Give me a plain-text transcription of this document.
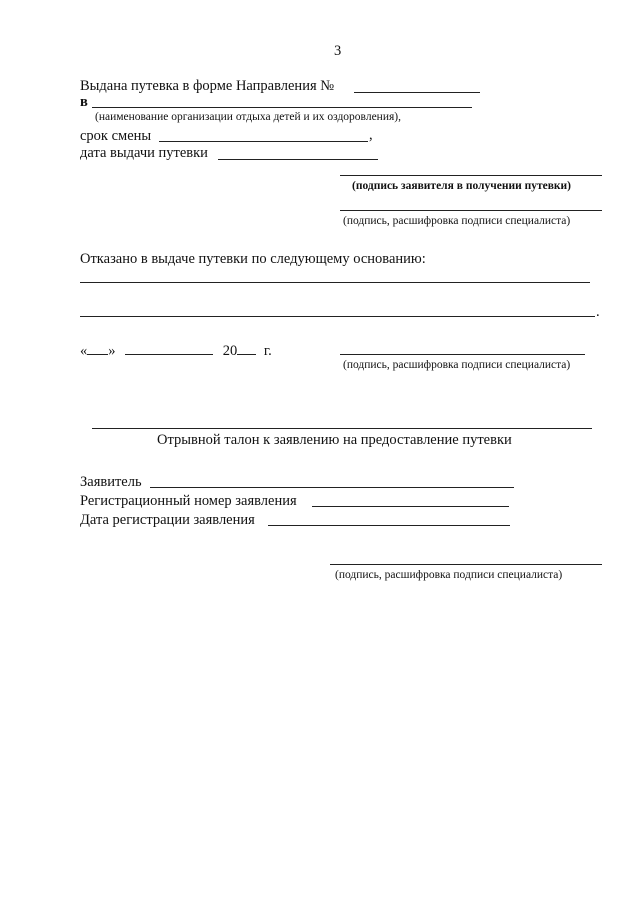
3
Выдана путевка в форме Направления №
в
(наименование организации отдыха детей и их оздоровления),
срок смены	,
дата выдачи путевки
(подпись заявителя в получении путевки)
(подпись, расшифровка подписи специалиста)
Отказано в выдаче путевки по следующему основанию:
.
« »	20 г.
(подпись, расшифровка подписи специалиста)
Отрывной талон к заявлению на предоставление путевки
Заявитель
Регистрационный номер заявления
Дата регистрации заявления
(подпись, расшифровка подписи специалиста)
